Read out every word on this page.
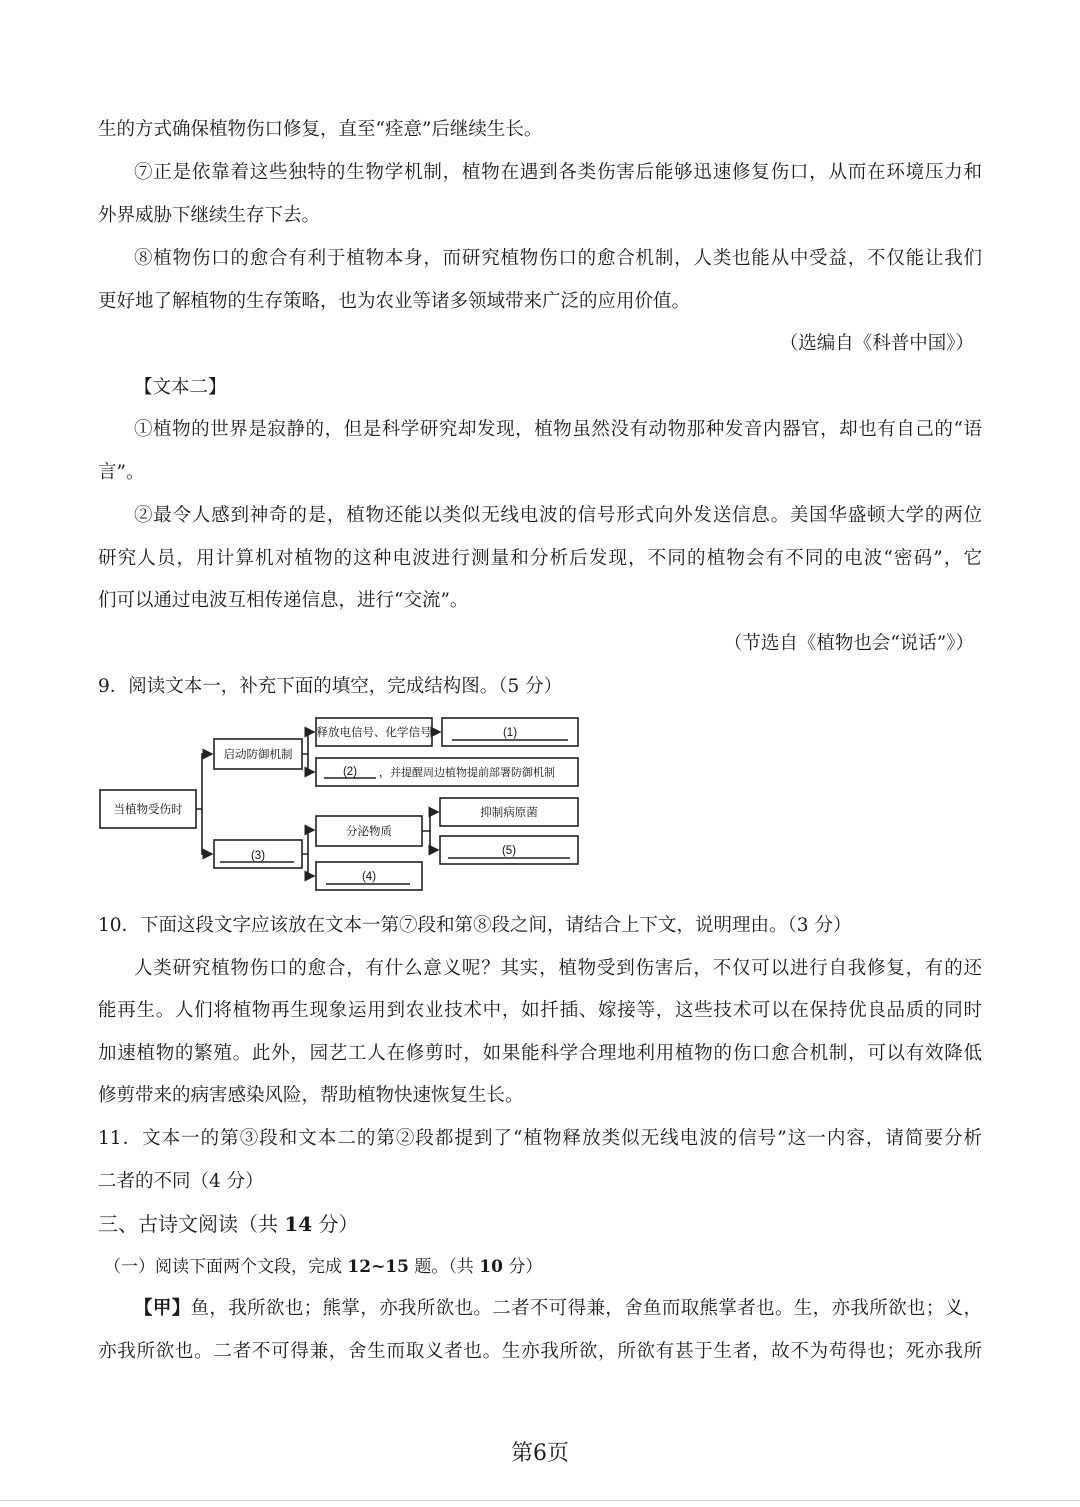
生的方式确保植物伤口修复，直至“痊意”后继续生长。
⑦正是依靠着这些独特的生物学机制，植物在遇到各类伤害后能够迅速修复伤口，从而在环境压力和
外界威胁下继续生存下去。
⑧植物伤口的愈合有利于植物本身，而研究植物伤口的愈合机制，人类也能从中受益，不仅能让我们
更好地了解植物的生存策略，也为农业等诸多领域带来广泛的应用价值。
（选编自《科普中国》）
【文本二】
①植物的世界是寂静的，但是科学研究却发现，植物虽然没有动物那种发音内器官，却也有自己的“语
言”。
②最令人感到神奇的是，植物还能以类似无线电波的信号形式向外发送信息。美国华盛顿大学的两位
研究人员，用计算机对植物的这种电波进行测量和分析后发现，不同的植物会有不同的电波“密码”，它
们可以通过电波互相传递信息，进行“交流”。
（节选自《植物也会“说话”》）
9．阅读文本一，补充下面的填空，完成结构图。（5 分）
当植物受伤时
启动防御机制
释放电信号、化学信号	(1)
(2) ，并提醒周边植物提前部署防御机制
(3)
分泌物质
抑制病原菌
(5)
(4)
10．下面这段文字应该放在文本一第⑦段和第⑧段之间，请结合上下文，说明理由。（3 分）
人类研究植物伤口的愈合，有什么意义呢？其实，植物受到伤害后，不仅可以进行自我修复，有的还
能再生。人们将植物再生现象运用到农业技术中，如扦插、嫁接等，这些技术可以在保持优良品质的同时
加速植物的繁殖。此外，园艺工人在修剪时，如果能科学合理地利用植物的伤口愈合机制，可以有效降低
修剪带来的病害感染风险，帮助植物快速恢复生长。
11．文本一的第③段和文本二的第②段都提到了“植物释放类似无线电波的信号”这一内容，请简要分析
二者的不同（4 分）
三、古诗文阅读（共 14 分）
（一）阅读下面两个文段，完成 12~15 题。（共 10 分）
【甲】鱼，我所欲也；熊掌，亦我所欲也。二者不可得兼，舍鱼而取熊掌者也。生，亦我所欲也；义，
亦我所欲也。二者不可得兼，舍生而取义者也。生亦我所欲，所欲有甚于生者，故不为苟得也；死亦我所
第6页
